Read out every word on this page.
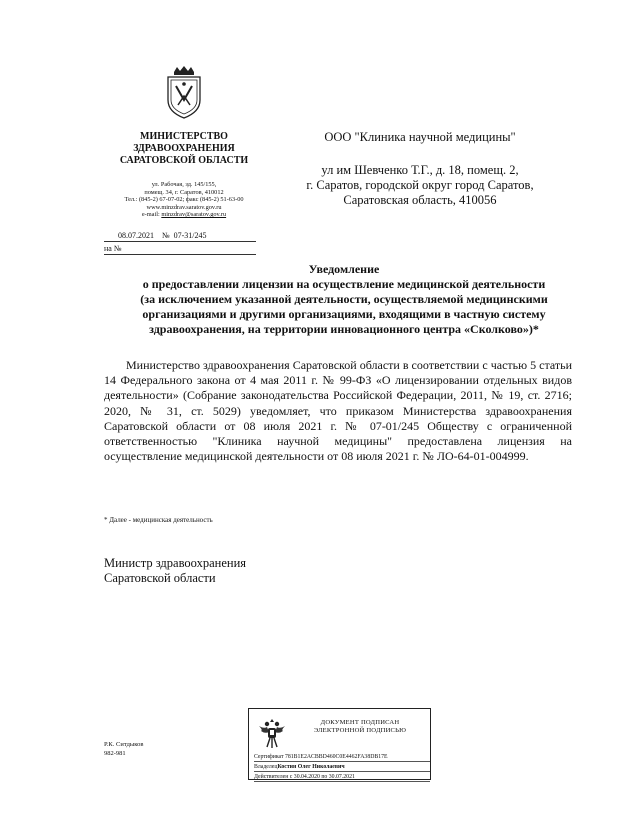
МИНИСТЕРСТВО
ЗДРАВООХРАНЕНИЯ
САРАТОВСКОЙ ОБЛАСТИ
ул. Рабочая, зд. 145/155,
помещ. 34, г. Саратов, 410012
Тел.: (845-2) 67-07-02; факс (845-2) 51-63-00
www.minzdrav.saratov.gov.ru
e-mail: minzdrav@saratov.gov.ru
08.07.2021 № 07-31/245
на №
ООО "Клиника научной медицины"
ул им Шевченко Т.Г., д. 18, помещ. 2,
г. Саратов, городской округ город Саратов,
Саратовская область, 410056
Уведомление
о предоставлении лицензии на осуществление медицинской деятельности
(за исключением указанной деятельности, осуществляемой медицинскими
организациями и другими организациями, входящими в частную систему
здравоохранения, на территории инновационного центра «Сколково»)*
Министерство здравоохранения Саратовской области в соответствии с частью 5 статьи 14 Федерального закона от 4 мая 2011 г. № 99-ФЗ «О лицензировании отдельных видов деятельности» (Собрание законодательства Российской Федерации, 2011, № 19, ст. 2716; 2020, № 31, ст. 5029) уведомляет, что приказом Министерства здравоохранения Саратовской области от 08 июля 2021 г. № 07-01/245 Обществу с ограниченной ответственностью "Клиника научной медицины" предоставлена лицензия на осуществление медицинской деятельности от 08 июля 2021 г. № ЛО-64-01-004999.
* Далее - медицинская деятельность
Министр здравоохранения
Саратовской области
Р.К. Ситдыков
982-981
ДОКУМЕНТ ПОДПИСАН
ЭЛЕКТРОННОЙ ПОДПИСЬЮ
Сертификат 781B1E2ACBBD460C0E4462FA38DB17E
ВладелецКостин Олег Николаевич
Действителен с 30.04.2020 по 30.07.2021
